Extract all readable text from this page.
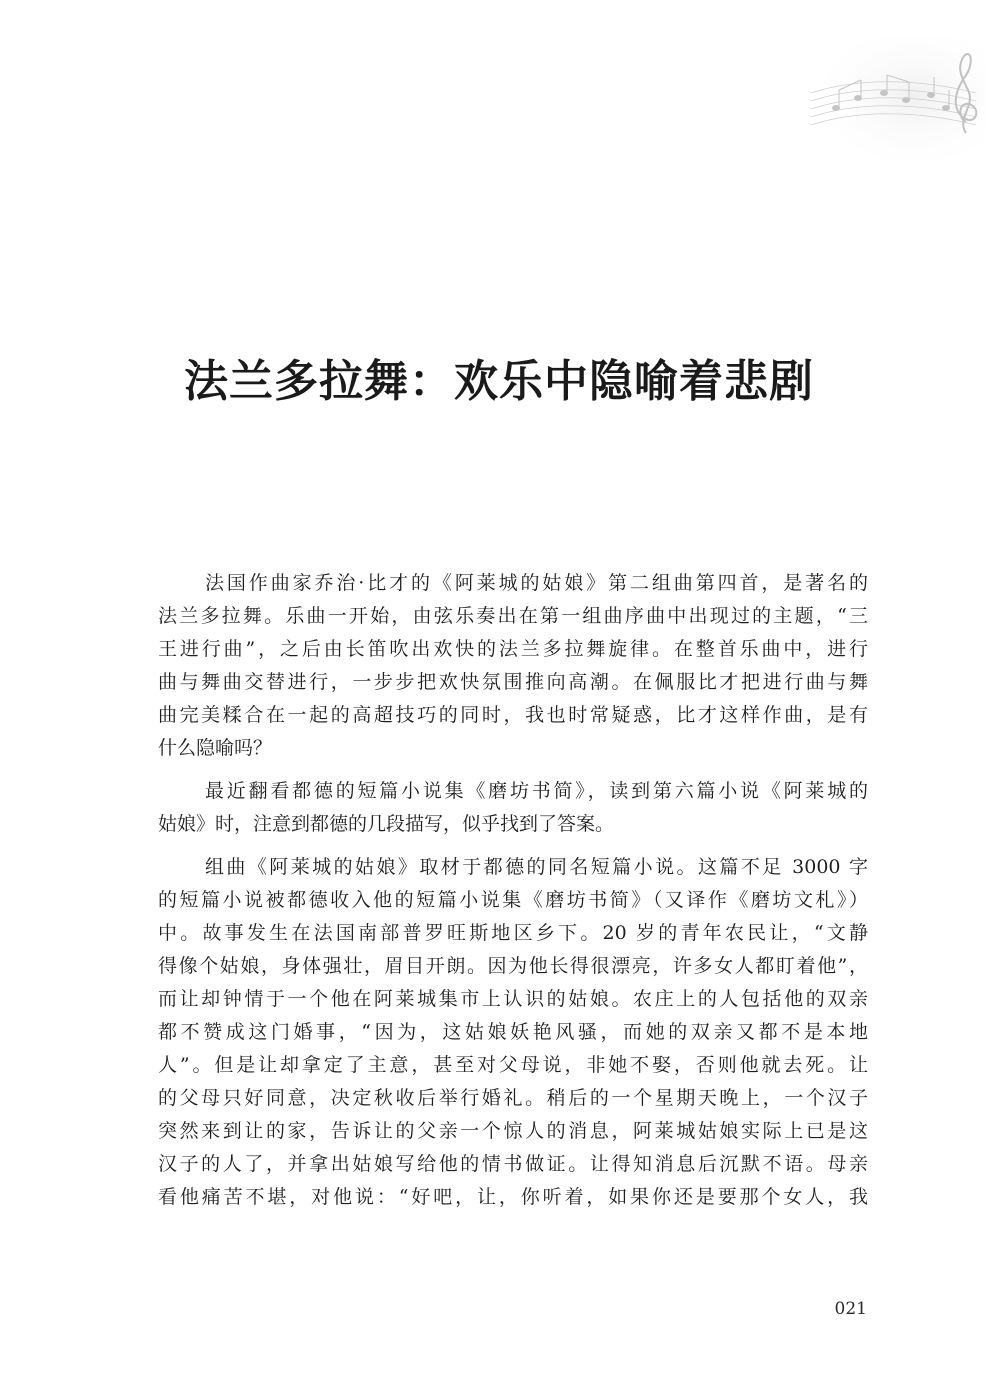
法兰多拉舞：欢乐中隐喻着悲剧
法国作曲家乔治·比才的《阿莱城的姑娘》第二组曲第四首，是著名的
法兰多拉舞。乐曲一开始，由弦乐奏出在第一组曲序曲中出现过的主题，“三
王进行曲”，之后由长笛吹出欢快的法兰多拉舞旋律。在整首乐曲中，进行
曲与舞曲交替进行，一步步把欢快氛围推向高潮。在佩服比才把进行曲与舞
曲完美糅合在一起的高超技巧的同时，我也时常疑惑，比才这样作曲，是有
什么隐喻吗？
最近翻看都德的短篇小说集《磨坊书简》，读到第六篇小说《阿莱城的
姑娘》时，注意到都德的几段描写，似乎找到了答案。
组曲《阿莱城的姑娘》取材于都德的同名短篇小说。这篇不足 3000 字
的短篇小说被都德收入他的短篇小说集《磨坊书简》（又译作《磨坊文札》）
中。故事发生在法国南部普罗旺斯地区乡下。20 岁的青年农民让，“文静
得像个姑娘，身体强壮，眉目开朗。因为他长得很漂亮，许多女人都盯着他”，
而让却钟情于一个他在阿莱城集市上认识的姑娘。农庄上的人包括他的双亲
都不赞成这门婚事，“因为，这姑娘妖艳风骚，而她的双亲又都不是本地
人”。但是让却拿定了主意，甚至对父母说，非她不娶，否则他就去死。让
的父母只好同意，决定秋收后举行婚礼。稍后的一个星期天晚上，一个汉子
突然来到让的家，告诉让的父亲一个惊人的消息，阿莱城姑娘实际上已是这
汉子的人了，并拿出姑娘写给他的情书做证。让得知消息后沉默不语。母亲
看他痛苦不堪，对他说：“好吧，让，你听着，如果你还是要那个女人，我
021
